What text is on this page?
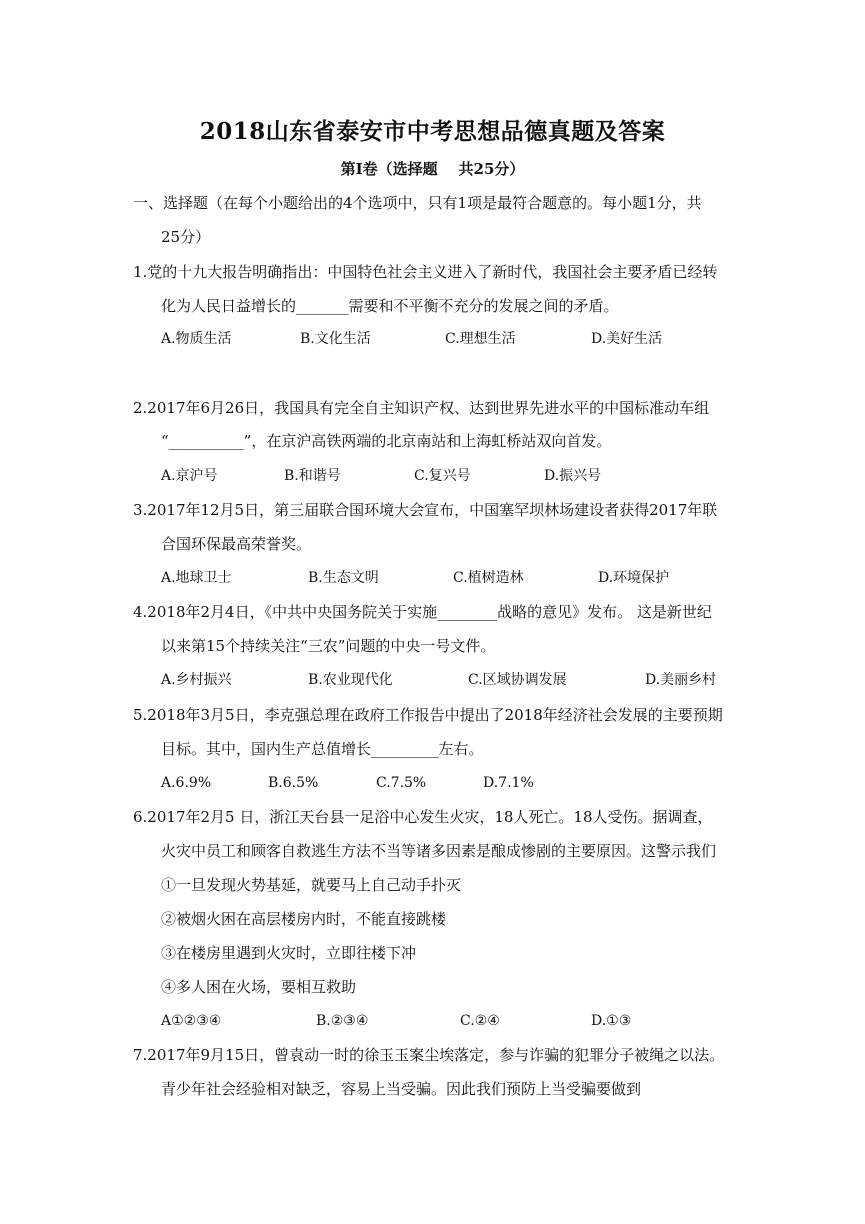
2018山东省泰安市中考思想品德真题及答案
第Ⅰ卷（选择题    共25分）
一、选择题（在每个小题给出的4个选项中，只有1项是最符合题意的。每小题1分，共
25分）
1.党的十九大报告明确指出：中国特色社会主义进入了新时代，我国社会主要矛盾已经转
化为人民日益增长的_______需要和不平衡不充分的发展之间的矛盾。
A.物质生活	B.文化生活	C.理想生活	D.美好生活
2.2017年6月26日，我国具有完全自主知识产权、达到世界先进水平的中国标准动车组
“__________”，在京沪高铁两端的北京南站和上海虹桥站双向首发。
A.京沪号	B.和谐号	C.复兴号	D.振兴号
3.2017年12月5日，第三届联合国环境大会宣布，中国塞罕坝林场建设者获得2017年联
合国环保最高荣誉奖。
A.地球卫士	B.生态文明	C.植树造林	D.环境保护
4.2018年2月4日，《中共中央国务院关于实施________战略的意见》发布。 这是新世纪
以来第15个持续关注“三农”问题的中央一号文件。
A.乡村振兴	B.农业现代化	C.区域协调发展	D.美丽乡村
5.2018年3月5日，李克强总理在政府工作报告中提出了2018年经济社会发展的主要预期
目标。其中，国内生产总值增长_________左右。
A.6.9%	B.6.5%	C.7.5%	D.7.1%
6.2017年2月5 日，浙江天台县一足浴中心发生火灾，18人死亡。18人受伤。据调查，
火灾中员工和顾客自救逃生方法不当等诸多因素是酿成惨剧的主要原因。这警示我们
①一旦发现火势基延，就要马上自己动手扑灭
②被烟火困在高层楼房内时，不能直接跳楼
③在楼房里遇到火灾时，立即往楼下冲
④多人困在火场，要相互救助
A①②③④	B.②③④	C.②④	D.①③
7.2017年9月15日，曾袁动一时的徐玉玉案尘埃落定，参与诈骗的犯罪分子被绳之以法。
青少年社会经验相对缺乏，容易上当受骗。因此我们预防上当受骗要做到
